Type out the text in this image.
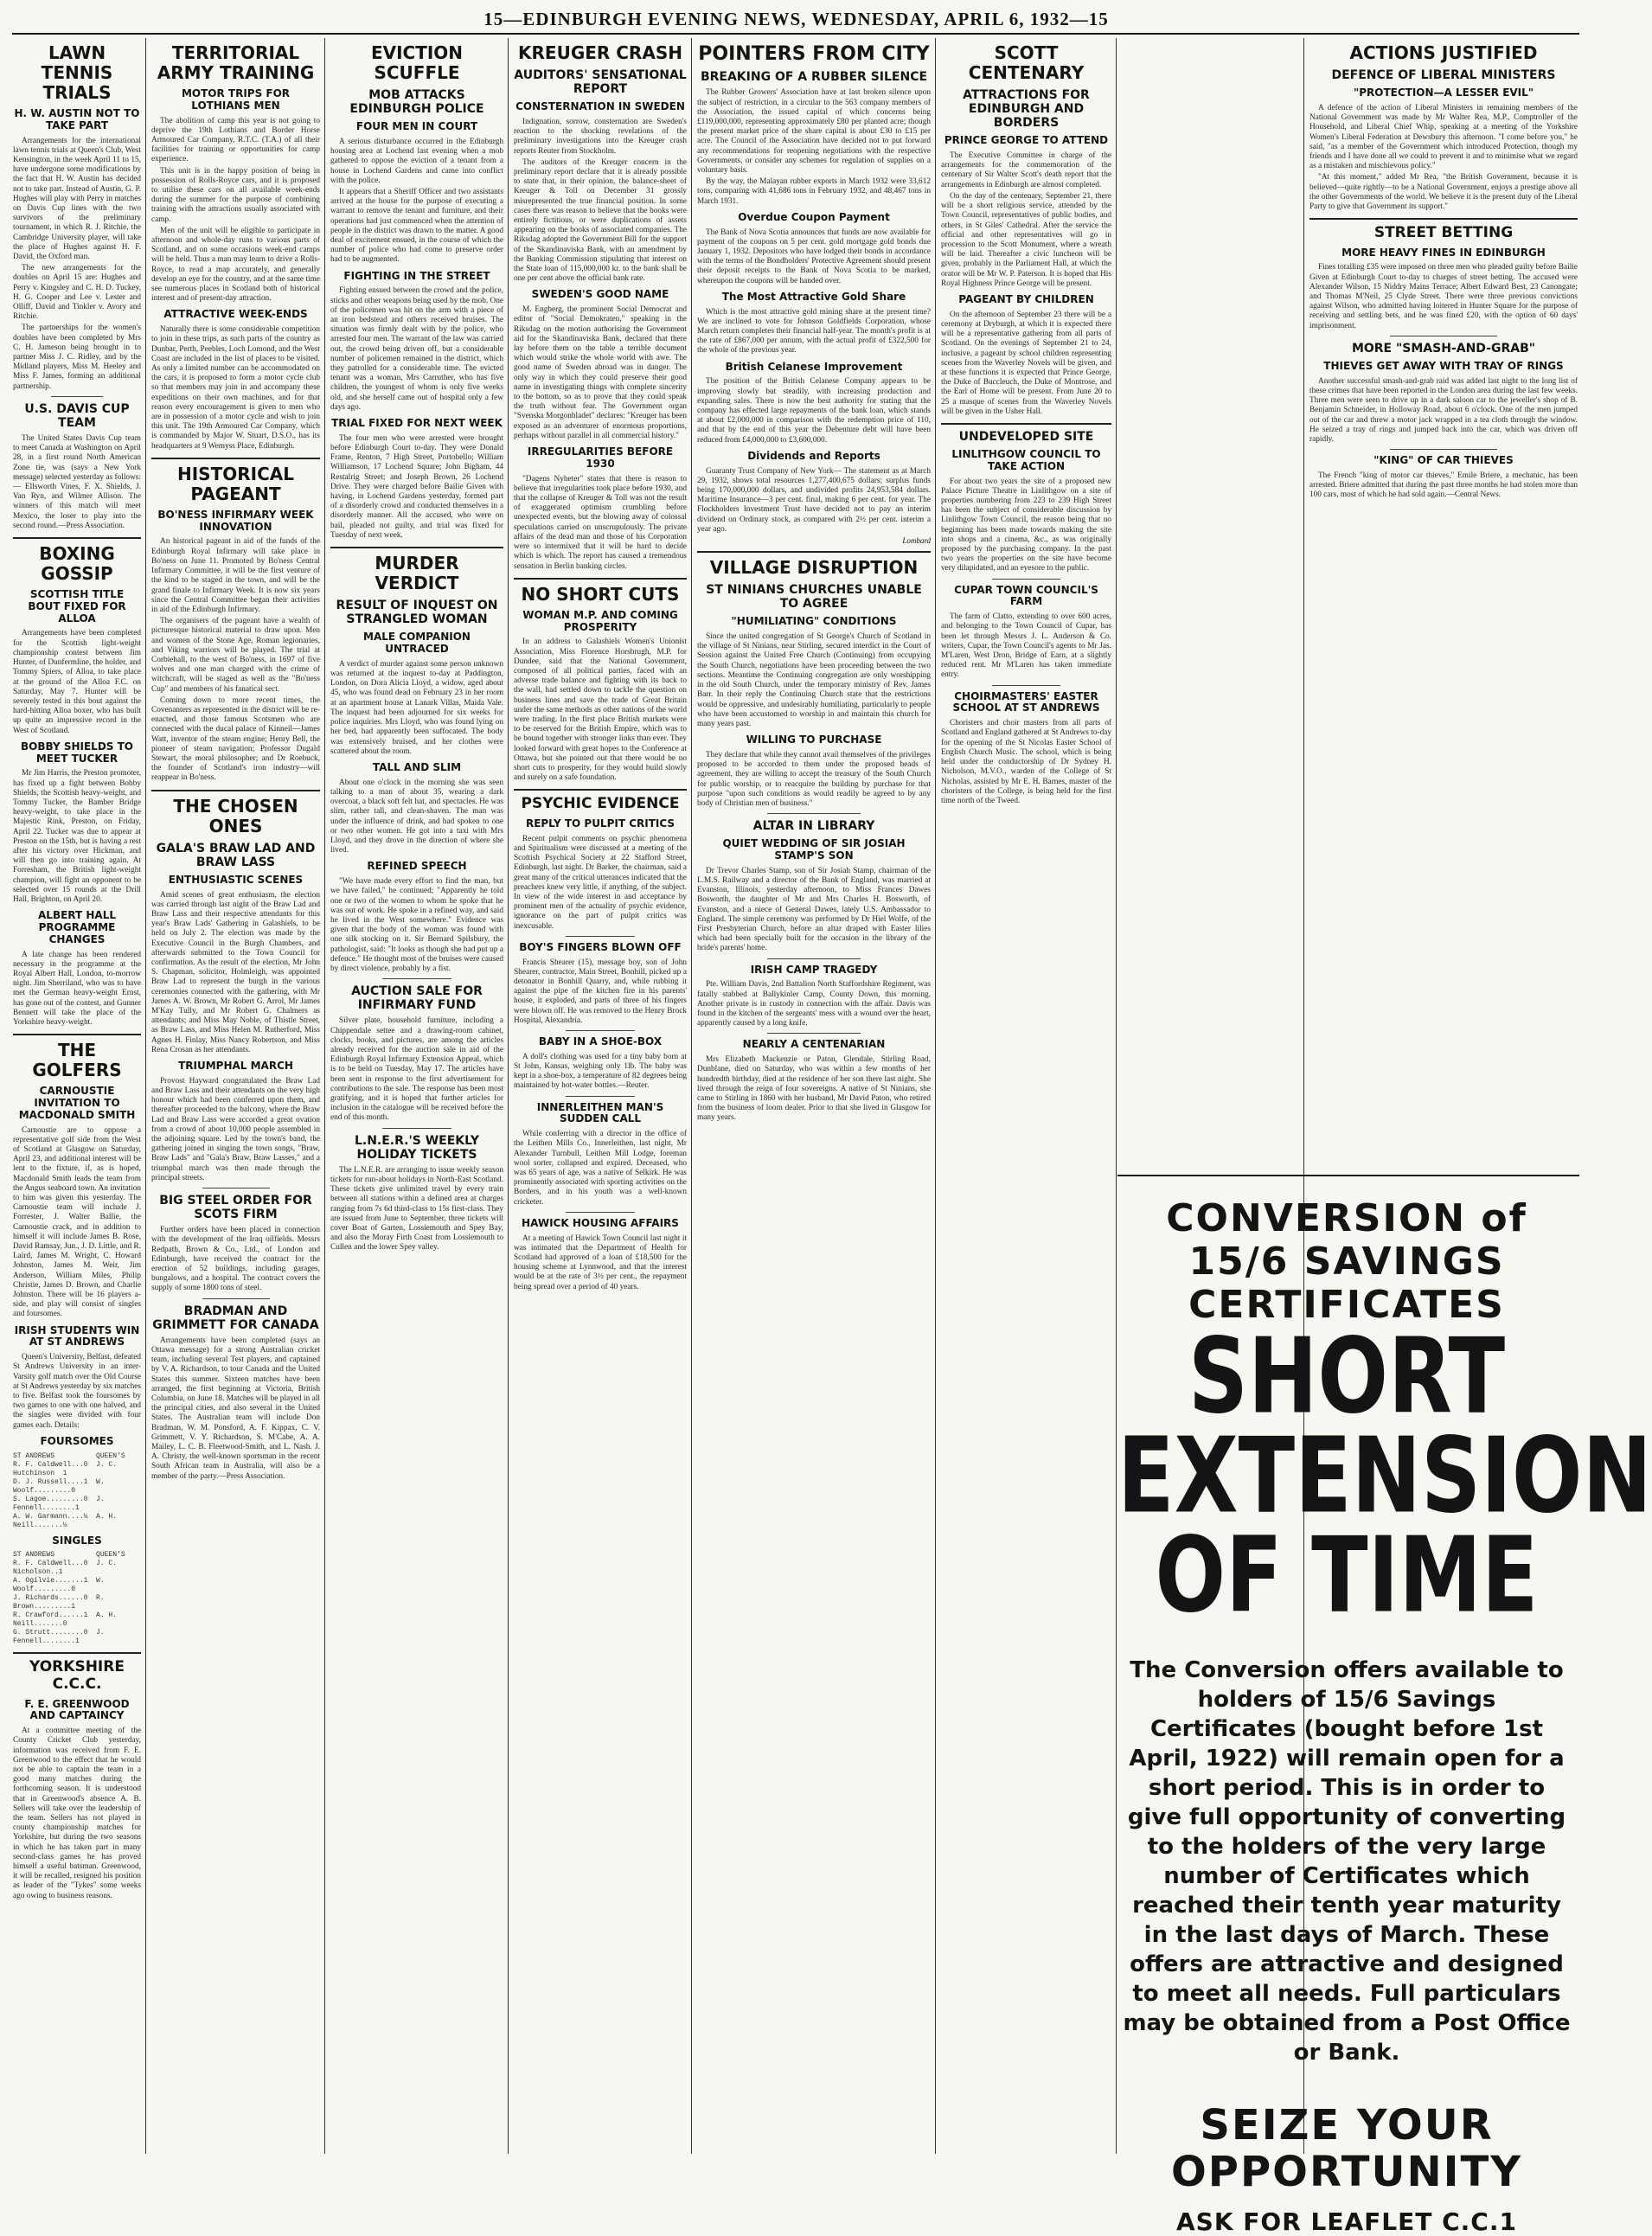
15—EDINBURGH EVENING NEWS, WEDNESDAY, APRIL 6, 1932—15
LAWN TENNIS TRIALS
H. W. AUSTIN NOT TO TAKE PART

Arrangements for the international lawn tennis trials at Queen's Club, West Kensington, in the week April 11 to 15, have undergone some modifications by the fact that H. W. Austin has decided not to take part. Instead of Austin, G. P. Hughes will play with Perry in matches on Davis Cup lines with the two survivors of the preliminary tournament, in which R. J. Ritchie, the Cambridge University player, will take the place of Hughes against H. F. David, the Oxford man.

The new arrangements for the doubles on April 15 are: Hughes and Perry v. Kingsley and C. H. D. Tuckey, H. G. Cooper and Lee v. Lester and Olliff, David and Tinkler v. Avory and Ritchie.

The partnerships for the women's doubles have been completed by Mrs C. H. Jameson being brought in to partner Miss J. C. Ridley, and by the Midland players, Miss M. Heeley and Miss F. James, forming an additional partnership.

U.S. DAVIS CUP TEAM

The United States Davis Cup team to meet Canada at Washington on April 28, in a first round North American Zone tie, was (says a New York message) selected yesterday as follows:— Ellsworth Vines, F. X. Shields, J. Van Ryn, and Wilmer Allison. The winners of this match will meet Mexico, the loser to play into the second round.—Press Association.

BOXING GOSSIP
SCOTTISH TITLE BOUT FIXED FOR ALLOA

Arrangements have been completed for the Scottish light-weight championship contest between Jim Hunter, of Dunfermline, the holder, and Tommy Spiers, of Alloa, to take place at the ground of the Alloa F.C. on Saturday, May 7. Hunter will be severely tested in this bout against the hard-hitting Alloa boxer, who has built up quite an impressive record in the West of Scotland.

BOBBY SHIELDS TO MEET TUCKER

Mr Jim Harris, the Preston promoter, has fixed up a fight between Bobby Shields, the Scottish heavy-weight, and Tommy Tucker, the Bamber Bridge heavy-weight, to take place in the Majestic Rink, Preston, on Friday, April 22. Tucker was due to appear at Preston on the 15th, but is having a rest after his victory over Hickman, and will then go into training again. At Forresham, the British light-weight champion, will fight an opponent to be selected over 15 rounds at the Drill Hall, Brighton, on April 20.

ALBERT HALL PROGRAMME CHANGES

A late change has been rendered necessary in the programme at the Royal Albert Hall, London, to-morrow night. Jim Sherriland, who was to have met the German heavy-weight Ernst, has gone out of the contest, and Gunner Bennett will take the place of the Yorkshire heavy-weight.

THE GOLFERS
CARNOUSTIE INVITATION TO MACDONALD SMITH

Carnoustie are to oppose a representative golf side from the West of Scotland at Glasgow on Saturday, April 23, and additional interest will be lent to the fixture, if, as is hoped, Macdonald Smith leads the team from the Angus seaboard town. An invitation to him was given this yesterday. The Carnoustie team will include J. Forrester, J. Walter Ballie, the Carnoustie crack, and in addition to himself it will include James B. Rose, David Ramsay, Jun., J. D. Little, and R. Laird, James M. Wright, C. Howard Johnston, James M. Weir, Jim Anderson, William Miles, Philip Christie, James D. Brown, and Charlie Johnston. There will be 16 players a-side, and play will consist of singles and foursomes.

IRISH STUDENTS WIN AT ST ANDREWS

Queen's University, Belfast, defeated St Andrews University in an inter-Varsity golf match over the Old Course at St Andrews yesterday by six matches to five. Belfast took the foursomes by two games to one with one halved, and the singles were divided with four games each. Details:

FOURSOMES
ST ANDREWS          QUEEN'S
R. F. Caldwell...0  J. C. Hutchinson  1
D. J. Russell....1  W. Woolf.........0
S. Lagoe.........0  J. Fennell........1
A. W. Garmann....½  A. H. Neill.......½
SINGLES
ST ANDREWS          QUEEN'S
R. F. Caldwell...0  J. C. Nicholson..1
A. Ogilvie.......1  W. Woolf.........0
J. Richards......0  R. Brown.........1
R. Crawford......1  A. H. Neill.......0
G. Strutt........0  J. Fennell........1
YORKSHIRE C.C.C.
F. E. GREENWOOD AND CAPTAINCY

At a committee meeting of the County Cricket Club yesterday, information was received from F. E. Greenwood to the effect that he would not be able to captain the team in a good many matches during the forthcoming season. It is understood that in Greenwood's absence A. B. Sellers will take over the leadership of the team. Sellers has not played in county championship matches for Yorkshire, but during the two seasons in which he has taken part in many second-class games he has proved himself a useful batsman. Greenwood, it will be recalled, resigned his position as leader of the "Tykes" some weeks ago owing to business reasons.

TERRITORIAL ARMY TRAINING
MOTOR TRIPS FOR LOTHIANS MEN

The abolition of camp this year is not going to deprive the 19th Lothians and Border Horse Armoured Car Company, R.T.C. (T.A.) of all their facilities for training or opportunities for camp experience.

This unit is in the happy position of being in possession of Rolls-Royce cars, and it is proposed to utilise these cars on all available week-ends during the summer for the purpose of combining training with the attractions usually associated with camp.

Men of the unit will be eligible to participate in afternoon and whole-day runs to various parts of Scotland, and on some occasions week-end camps will be held. Thus a man may learn to drive a Rolls-Royce, to read a map accurately, and generally develop an eye for the country, and at the same time see numerous places in Scotland both of historical interest and of present-day attraction.

ATTRACTIVE WEEK-ENDS

Naturally there is some considerable competition to join in these trips, as such parts of the country as Dunbar, Perth, Peebles, Loch Lomond, and the West Coast are included in the list of places to be visited. As only a limited number can be accommodated on the cars, it is proposed to form a motor cycle club so that members may join in and accompany these expeditions on their own machines, and for that reason every encouragement is given to men who are in possession of a motor cycle and wish to join this unit. The 19th Armoured Car Company, which is commanded by Major W. Stuart, D.S.O., has its headquarters at 9 Wemyss Place, Edinburgh.

HISTORICAL PAGEANT
BO'NESS INFIRMARY WEEK INNOVATION

An historical pageant in aid of the funds of the Edinburgh Royal Infirmary will take place in Bo'ness on June 11. Promoted by Bo'ness Central Infirmary Committee, it will be the first venture of the kind to be staged in the town, and will be the grand finale to Infirmary Week. It is now six years since the Central Committee began their activities in aid of the Edinburgh Infirmary.

The organisers of the pageant have a wealth of picturesque historical material to draw upon. Men and women of the Stone Age, Roman legionaries, and Viking warriors will be played. The trial at Corbiehall, to the west of Bo'ness, in 1697 of five wolves and one man charged with the crime of witchcraft, will be staged as well as the "Bo'ness Cup" and members of his fanatical sect.

Coming down to more recent times, the Covenanters as represented in the district will be re-enacted, and those famous Scotsmen who are connected with the ducal palace of Kinneil—James Watt, inventor of the steam engine; Henry Bell, the pioneer of steam navigation; Professor Dugald Stewart, the moral philosopher; and Dr Roebuck, the founder of Scotland's iron industry—will reappear in Bo'ness.

THE CHOSEN ONES
GALA'S BRAW LAD AND BRAW LASS
ENTHUSIASTIC SCENES

Amid scenes of great enthusiasm, the election was carried through last night of the Braw Lad and Braw Lass and their respective attendants for this year's Braw Lads' Gathering in Galashiels, to be held on July 2. The election was made by the Executive Council in the Burgh Chambers, and afterwards submitted to the Town Council for confirmation. As the result of the election, Mr John S. Chapman, solicitor, Holmleigh, was appointed Braw Lad to represent the burgh in the various ceremonies connected with the gathering, with Mr James A. W. Brown, Mr Robert G. Arrol, Mr James M'Kay Tully, and Mr Robert G. Chalmers as attendants; and Miss May Noble, of Thistle Street, as Braw Lass, and Miss Helen M. Rutherford, Miss Agnes H. Finlay, Miss Nancy Robertson, and Miss Rena Crosan as her attendants.

TRIUMPHAL MARCH

Provost Hayward congratulated the Braw Lad and Braw Lass and their attendants on the very high honour which had been conferred upon them, and thereafter proceeded to the balcony, where the Braw Lad and Braw Lass were accorded a great ovation from a crowd of about 10,000 people assembled in the adjoining square. Led by the town's band, the gathering joined in singing the town songs, "Braw, Braw Lads" and "Gala's Braw, Braw Lasses," and a triumphal march was then made through the principal streets.

BIG STEEL ORDER FOR SCOTS FIRM

Further orders have been placed in connection with the development of the Iraq oilfields. Messrs Redpath, Brown & Co., Ltd., of London and Edinburgh, have received the contract for the erection of 52 buildings, including garages, bungalows, and a hospital. The contract covers the supply of some 1800 tons of steel.

BRADMAN AND GRIMMETT FOR CANADA

Arrangements have been completed (says an Ottawa message) for a strong Australian cricket team, including several Test players, and captained by V. A. Richardson, to tour Canada and the United States this summer. Sixteen matches have been arranged, the first beginning at Victoria, British Columbia, on June 18. Matches will be played in all the principal cities, and also several in the United States. The Australian team will include Don Bradman, W. M. Ponsford, A. F. Kippax, C. V. Grimmett, V. Y. Richardson, S. M'Cabe, A. A. Mailey, L. C. B. Fleetwood-Smith, and L. Nash. J. A. Christy, the well-known sportsman in the recent South African team in Australia, will also be a member of the party.—Press Association.

EVICTION SCUFFLE
MOB ATTACKS EDINBURGH POLICE
FOUR MEN IN COURT

A serious disturbance occurred in the Edinburgh housing area at Lochend last evening when a mob gathered to oppose the eviction of a tenant from a house in Lochend Gardens and came into conflict with the police.

It appears that a Sheriff Officer and two assistants arrived at the house for the purpose of executing a warrant to remove the tenant and furniture, and their operations had just commenced when the attention of people in the district was drawn to the matter. A good deal of excitement ensued, in the course of which the number of police who had come to preserve order had to be augmented.

FIGHTING IN THE STREET

Fighting ensued between the crowd and the police, sticks and other weapons being used by the mob. One of the policemen was hit on the arm with a piece of an iron bedstead and others received bruises. The situation was firmly dealt with by the police, who arrested four men. The warrant of the law was carried out, the crowd being driven off, but a considerable number of policemen remained in the district, which they patrolled for a considerable time. The evicted tenant was a woman, Mrs Carruther, who has five children, the youngest of whom is only five weeks old, and she herself came out of hospital only a few days ago.

TRIAL FIXED FOR NEXT WEEK

The four men who were arrested were brought before Edinburgh Court to-day. They were Donald Frame, Renton, 7 High Street, Portobello; William Williamson, 17 Lochend Square; John Bigham, 44 Restalrig Street; and Joseph Brown, 26 Lochend Drive. They were charged before Bailie Given with having, in Lochend Gardens yesterday, formed part of a disorderly crowd and conducted themselves in a disorderly manner. All the accused, who were on bail, pleaded not guilty, and trial was fixed for Tuesday of next week.

MURDER VERDICT
RESULT OF INQUEST ON STRANGLED WOMAN
MALE COMPANION UNTRACED

A verdict of murder against some person unknown was returned at the inquest to-day at Paddington, London, on Dora Alicia Lloyd, a widow, aged about 45, who was found dead on February 23 in her room at an apartment house at Lanark Villas, Maida Vale. The inquest had been adjourned for six weeks for police inquiries. Mrs Lloyd, who was found lying on her bed, had apparently been suffocated. The body was extensively bruised, and her clothes were scattered about the room.

TALL AND SLIM

About one o'clock in the morning she was seen talking to a man of about 35, wearing a dark overcoat, a black soft felt hat, and spectacles. He was slim, rather tall, and clean-shaven. The man was under the influence of drink, and had spoken to one or two other women. He got into a taxi with Mrs Lloyd, and they drove in the direction of where she lived.

REFINED SPEECH

"We have made every effort to find the man, but we have failed," he continued; "Apparently he told one or two of the women to whom he spoke that he was out of work. He spoke in a refined way, and said he lived in the West somewhere." Evidence was given that the body of the woman was found with one silk stocking on it. Sir Bernard Spilsbury, the pathologist, said: "It looks as though she had put up a defence." He thought most of the bruises were caused by direct violence, probably by a fist.

AUCTION SALE FOR INFIRMARY FUND

Silver plate, household furniture, including a Chippendale settee and a drawing-room cabinet, clocks, books, and pictures, are among the articles already received for the auction sale in aid of the Edinburgh Royal Infirmary Extension Appeal, which is to be held on Tuesday, May 17. The articles have been sent in response to the first advertisement for contributions to the sale. The response has been most gratifying, and it is hoped that further articles for inclusion in the catalogue will be received before the end of this month.

L.N.E.R.'S WEEKLY HOLIDAY TICKETS

The L.N.E.R. are arranging to issue weekly season tickets for run-about holidays in North-East Scotland. These tickets give unlimited travel by every train between all stations within a defined area at charges ranging from 7s 6d third-class to 15s first-class. They are issued from June to September, three tickets will cover Boat of Garten, Lossiemouth and Spey Bay, and also the Moray Firth Coast from Lossiemouth to Cullen and the lower Spey valley.

KREUGER CRASH
AUDITORS' SENSATIONAL REPORT
CONSTERNATION IN SWEDEN

Indignation, sorrow, consternation are Sweden's reaction to the shocking revelations of the preliminary investigations into the Kreuger crash reports Reuter from Stockholm.

The auditors of the Kreuger concern in the preliminary report declare that it is already possible to state that, in their opinion, the balance-sheet of Kreuger & Toll on December 31 grossly misrepresented the true financial position. In some cases there was reason to believe that the books were entirely fictitious, or were duplications of assets appearing on the books of associated companies. The Riksdag adopted the Government Bill for the support of the Skandinaviska Bank, with an amendment by the Banking Commission stipulating that interest on the State loan of 115,000,000 kr. to the bank shall be one per cent above the official bank rate.

SWEDEN'S GOOD NAME

M. Engberg, the prominent Social Democrat and editor of "Social Demokraten," speaking in the Riksdag on the motion authorising the Government aid for the Skandinaviska Bank, declared that there lay before them on the table a terrible document which would strike the whole world with awe. The good name of Sweden abroad was in danger. The only way in which they could preserve their good name in investigating things with complete sincerity to the bottom, so as to prove that they could speak the truth without fear. The Government organ "Svenska Morgonbladet" declares: "Kreuger has been exposed as an adventurer of enormous proportions, perhaps without parallel in all commercial history."

IRREGULARITIES BEFORE 1930

"Dagens Nyheter" states that there is reason to believe that irregularities took place before 1930, and that the collapse of Kreuger & Toll was not the result of exaggerated optimism crumbling before unexpected events, but the blowing away of colossal speculations carried on unscrupulously. The private affairs of the dead man and those of his Corporation were so intermixed that it will be hard to decide which is which. The report has caused a tremendous sensation in Berlin banking circles.

NO SHORT CUTS
WOMAN M.P. AND COMING PROSPERITY

In an address to Galashiels Women's Unionist Association, Miss Florence Horsbrugh, M.P. for Dundee, said that the National Government, composed of all political parties, faced with an adverse trade balance and fighting with its back to the wall, had settled down to tackle the question on business lines and save the trade of Great Britain under the same methods as other nations of the world were trading. In the first place British markets were to be reserved for the British Empire, which was to be bound together with stronger links than ever. They looked forward with great hopes to the Conference at Ottawa, but she pointed out that there would be no short cuts to prosperity, for they would build slowly and surely on a safe foundation.

PSYCHIC EVIDENCE
REPLY TO PULPIT CRITICS

Recent pulpit comments on psychic phenomena and Spiritualism were discussed at a meeting of the Scottish Psychical Society at 22 Stafford Street, Edinburgh, last night. Dr Barker, the chairman, said a great many of the critical utterances indicated that the preachers knew very little, if anything, of the subject. In view of the wide interest in and acceptance by prominent men of the actuality of psychic evidence, ignorance on the part of pulpit critics was inexcusable.

BOY'S FINGERS BLOWN OFF

Francis Shearer (15), message boy, son of John Shearer, contractor, Main Street, Bonhill, picked up a detonator in Bonhill Quarry, and, while rubbing it against the pipe of the kitchen fire in his parents' house, it exploded, and parts of three of his fingers were blown off. He was removed to the Henry Brock Hospital, Alexandria.

BABY IN A SHOE-BOX

A doll's clothing was used for a tiny baby born at St John, Kansas, weighing only 1lb. The baby was kept in a shoe-box, a temperature of 82 degrees being maintained by hot-water bottles.—Reuter.

INNERLEITHEN MAN'S SUDDEN CALL

While conferring with a director in the office of the Leithen Mills Co., Innerleithen, last night, Mr Alexander Turnbull, Leithen Mill Lodge, foreman wool sorter, collapsed and expired. Deceased, who was 65 years of age, was a native of Selkirk. He was prominently associated with sporting activities on the Borders, and in his youth was a well-known cricketer.

HAWICK HOUSING AFFAIRS

At a meeting of Hawick Town Council last night it was intimated that the Department of Health for Scotland had approved of a loan of £18,500 for the housing scheme at Lynnwood, and that the interest would be at the rate of 3½ per cent., the repayment being spread over a period of 40 years.

POINTERS FROM CITY
BREAKING OF A RUBBER SILENCE

The Rubber Growers' Association have at last broken silence upon the subject of restriction, in a circular to the 563 company members of the Association, the issued capital of which concerns being £119,000,000, representing approximately £80 per planted acre; though the present market price of the share capital is about £30 to £15 per acre. The Council of the Association have decided not to put forward any recommendations for reopening negotiations with the respective Governments, or consider any schemes for regulation of supplies on a voluntary basis.

By the way, the Malayan rubber exports in March 1932 were 33,612 tons, comparing with 41,686 tons in February 1932, and 48,467 tons in March 1931.

Overdue Coupon Payment

The Bank of Nova Scotia announces that funds are now available for payment of the coupons on 5 per cent. gold mortgage gold bonds due January 1, 1932. Depositors who have lodged their bonds in accordance with the terms of the Bondholders' Protective Agreement should present their deposit receipts to the Bank of Nova Scotia to be marked, whereupon the coupons will be handed over.

The Most Attractive Gold Share

Which is the most attractive gold mining share at the present time? We are inclined to vote for Johnson Goldfields Corporation, whose March return completes their financial half-year. The month's profit is at the rate of £867,000 per annum, with the actual profit of £322,500 for the whole of the previous year.

British Celanese Improvement

The position of the British Celanese Company appears to be improving slowly but steadily, with increasing production and expanding sales. There is now the best authority for stating that the company has effected large repayments of the bank loan, which stands at about £2,000,000 in comparison with the redemption price of 110, and that by the end of this year the Debenture debt will have been reduced from £4,000,000 to £3,600,000.

Dividends and Reports

Guaranty Trust Company of New York— The statement as at March 29, 1932, shows total resources 1,277,400,675 dollars; surplus funds being 170,000,000 dollars, and undivided profits 24,953,584 dollars. Maritime Insurance—3 per cent. final, making 6 per cent. for year. The Flockholders Investment Trust have decided not to pay an interim dividend on Ordinary stock, as compared with 2½ per cent. interim a year ago.

Lombard
VILLAGE DISRUPTION
ST NINIANS CHURCHES UNABLE TO AGREE
"HUMILIATING" CONDITIONS

Since the united congregation of St George's Church of Scotland in the village of St Ninians, near Stirling, secured interdict in the Court of Session against the United Free Church (Continuing) from occupying the South Church, negotiations have been proceeding between the two sections. Meantime the Continuing congregation are only worshipping in the old South Church, under the temporary ministry of Rev. James Barr. In their reply the Continuing Church state that the restrictions would be oppressive, and undesirably humiliating, particularly to people who have been accustomed to worship in and maintain this church for many years past.

WILLING TO PURCHASE

They declare that while they cannot avail themselves of the privileges proposed to be accorded to them under the proposed heads of agreement, they are willing to accept the treasury of the South Church for public worship, or to reacquire the building by purchase for that purpose "upon such conditions as would readily be agreed to by any body of Christian men of business."

ALTAR IN LIBRARY
QUIET WEDDING OF SIR JOSIAH STAMP'S SON

Dr Trevor Charles Stamp, son of Sir Josiah Stamp, chairman of the L.M.S. Railway and a director of the Bank of England, was married at Evanston, Illinois, yesterday afternoon, to Miss Frances Dawes Bosworth, the daughter of Mr and Mrs Charles H. Bosworth, of Evanston, and a niece of General Dawes, lately U.S. Ambassador to England. The simple ceremony was performed by Dr Hiel Wolfe, of the First Presbyterian Church, before an altar draped with Easter lilies which had been specially built for the occasion in the library of the bride's parents' home.

IRISH CAMP TRAGEDY

Pte. William Davis, 2nd Battalion North Staffordshire Regiment, was fatally stabbed at Ballykinler Camp, County Down, this morning. Another private is in custody in connection with the affair. Davis was found in the kitchen of the sergeants' mess with a wound over the heart, apparently caused by a long knife.

NEARLY A CENTENARIAN

Mrs Elizabeth Mackenzie or Paton, Glendale, Stirling Road, Dunblane, died on Saturday, who was within a few months of her hundredth birthday, died at the residence of her son there last night. She lived through the reign of four sovereigns. A native of St Ninians, she came to Stirling in 1860 with her husband, Mr David Paton, who retired from the business of loom dealer. Prior to that she lived in Glasgow for many years.

SCOTT CENTENARY
ATTRACTIONS FOR EDINBURGH AND BORDERS
PRINCE GEORGE TO ATTEND

The Executive Committee in charge of the arrangements for the commemoration of the centenary of Sir Walter Scott's death report that the arrangements in Edinburgh are almost completed.

On the day of the centenary, September 21, there will be a short religious service, attended by the Town Council, representatives of public bodies, and others, in St Giles' Cathedral. After the service the official and other representatives will go in procession to the Scott Monument, where a wreath will be laid. Thereafter a civic luncheon will be given, probably in the Parliament Hall, at which the orator will be Mr W. P. Paterson. It is hoped that His Royal Highness Prince George will be present.

PAGEANT BY CHILDREN

On the afternoon of September 23 there will be a ceremony at Dryburgh, at which it is expected there will be a representative gathering from all parts of Scotland. On the evenings of September 21 to 24, inclusive, a pageant by school children representing scenes from the Waverley Novels will be given, and at these functions it is expected that Prince George, the Duke of Buccleuch, the Duke of Montrose, and the Earl of Home will be present. From June 20 to 25 a masque of scenes from the Waverley Novels will be given in the Usher Hall.

UNDEVELOPED SITE
LINLITHGOW COUNCIL TO TAKE ACTION

For about two years the site of a proposed new Palace Picture Theatre in Linlithgow on a site of properties numbering from 223 to 239 High Street has been the subject of considerable discussion by Linlithgow Town Council, the reason being that no beginning has been made towards making the site into shops and a cinema, &c., as was originally proposed by the purchasing company. In the past two years the properties on the site have become very dilapidated, and an eyesore to the public.

CUPAR TOWN COUNCIL'S FARM

The farm of Clatto, extending to over 600 acres, and belonging to the Town Council of Cupar, has been let through Messrs J. L. Anderson & Co. writers, Cupar, the Town Council's agents to Mr Jas. M'Laren, West Dron, Bridge of Earn, at a slightly reduced rent. Mr M'Laren has taken immediate entry.

CHOIRMASTERS' EASTER SCHOOL AT ST ANDREWS

Choristers and choir masters from all parts of Scotland and England gathered at St Andrews to-day for the opening of the St Nicolas Easter School of English Church Music. The school, which is being held under the conductorship of Dr Sydney H. Nicholson, M.V.O., warden of the College of St Nicholas, assisted by Mr E. H. Barnes, master of the choristers of the College, is being held for the first time north of the Tweed.

ACTIONS JUSTIFIED
DEFENCE OF LIBERAL MINISTERS
"PROTECTION—A LESSER EVIL"

A defence of the action of Liberal Ministers in remaining members of the National Government was made by Mr Walter Rea, M.P., Comptroller of the Household, and Liberal Chief Whip, speaking at a meeting of the Yorkshire Women's Liberal Federation at Dewsbury this afternoon. "I come before you," he said, "as a member of the Government which introduced Protection, though my friends and I have done all we could to prevent it and to minimise what we regard as a mistaken and mischievous policy."

"At this moment," added Mr Rea, "the British Government, because it is believed—quite rightly—to be a National Government, enjoys a prestige above all the other Governments of the world. We believe it is the present duty of the Liberal Party to give that Government its support."

STREET BETTING
MORE HEAVY FINES IN EDINBURGH

Fines totalling £35 were imposed on three men who pleaded guilty before Bailie Given at Edinburgh Court to-day to charges of street betting. The accused were Alexander Wilson, 15 Niddry Mains Terrace; Albert Edward Best, 23 Canongate; and Thomas M'Neil, 25 Clyde Street. There were three previous convictions against Wilson, who admitted having loitered in Hunter Square for the purpose of receiving and settling bets, and he was fined £20, with the option of 60 days' imprisonment.

MORE "SMASH-AND-GRAB"
THIEVES GET AWAY WITH TRAY OF RINGS

Another successful smash-and-grab raid was added last night to the long list of these crimes that have been reported in the London area during the last few weeks. Three men were seen to drive up in a dark saloon car to the jeweller's shop of B. Benjamin Schneider, in Holloway Road, about 6 o'clock. One of the men jumped out of the car and threw a motor jack wrapped in a tea cloth through the window. He seized a tray of rings and jumped back into the car, which was driven off rapidly.

"KING" OF CAR THIEVES

The French "king of motor car thieves," Emile Briere, a mechanic, has been arrested. Briere admitted that during the past three months he had stolen more than 100 cars, most of which he had sold again.—Central News.

CONVERSION of 15/6 SAVINGS CERTIFICATES
SHORT EXTENSION OF TIME
The Conversion offers available to holders of 15/6 Savings Certificates (bought before 1st April, 1922) will remain open for a short period. This is in order to give full opportunity of converting to the holders of the very large number of Certificates which reached their tenth year maturity in the last days of March. These offers are attractive and designed to meet all needs. Full particulars may be obtained from a Post Office or Bank.
SEIZE YOUR OPPORTUNITY
ASK FOR LEAFLET C.C.1
